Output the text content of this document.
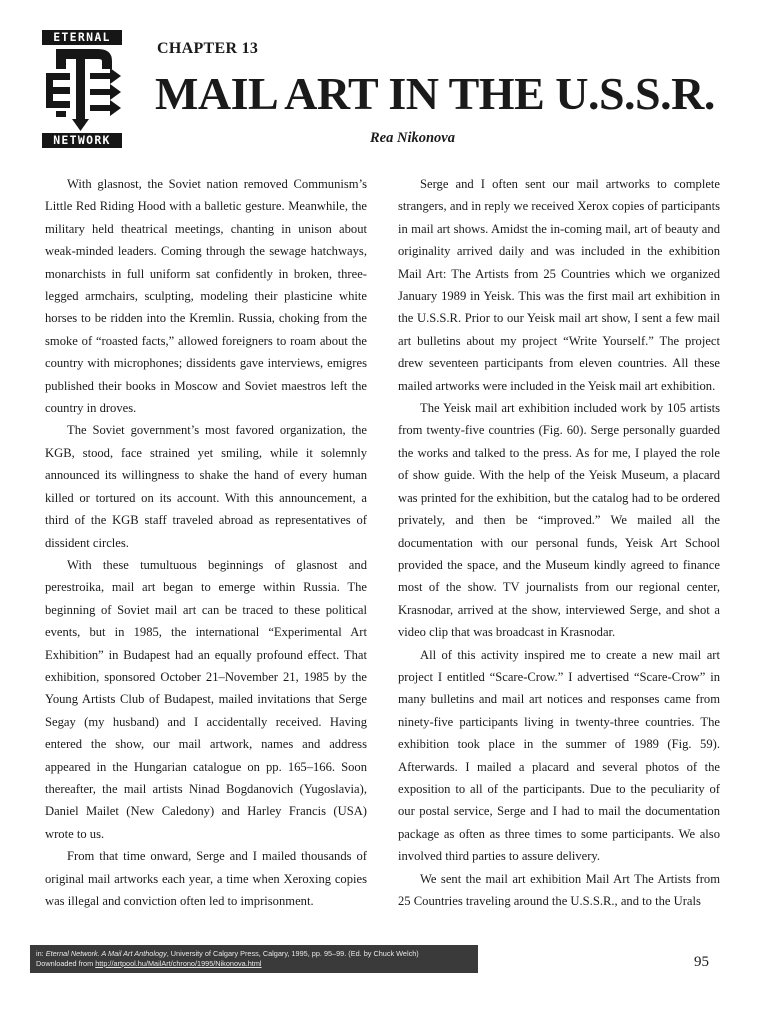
ETERNAL
NETWORK
CHAPTER 13
MAIL ART IN THE U.S.S.R.
Rea Nikonova

With glasnost, the Soviet nation removed Communism’s Little Red Riding Hood with a balletic gesture. Meanwhile, the military held theatrical meetings, chanting in unison about weak-minded leaders. Coming through the sewage hatchways, monarchists in full uniform sat confidently in broken, three-legged armchairs, sculpting, modeling their plasticine white horses to be ridden into the Kremlin. Russia, choking from the smoke of “roasted facts,” allowed foreigners to roam about the country with microphones; dissidents gave interviews, emigres published their books in Moscow and Soviet maestros left the country in droves.

The Soviet government’s most favored organization, the KGB, stood, face strained yet smiling, while it solemnly announced its willingness to shake the hand of every human killed or tortured on its account. With this announcement, a third of the KGB staff traveled abroad as representatives of dissident circles.

With these tumultuous beginnings of glasnost and perestroika, mail art began to emerge within Russia. The beginning of Soviet mail art can be traced to these political events, but in 1985, the international “Experimental Art Exhibition” in Budapest had an equally profound effect. That exhibition, sponsored October 21–November 21, 1985 by the Young Artists Club of Budapest, mailed invitations that Serge Segay (my husband) and I accidentally received. Having entered the show, our mail artwork, names and address appeared in the Hungarian catalogue on pp. 165–166. Soon thereafter, the mail artists Ninad Bogdanovich (Yugoslavia), Daniel Mailet (New Caledony) and Harley Francis (USA) wrote to us.

From that time onward, Serge and I mailed thousands of original mail artworks each year, a time when Xeroxing copies was illegal and conviction often led to imprisonment.

Serge and I often sent our mail artworks to complete strangers, and in reply we received Xerox copies of participants in mail art shows. Amidst the in-coming mail, art of beauty and originality arrived daily and was included in the exhibition Mail Art: The Artists from 25 Countries which we organized January 1989 in Yeisk. This was the first mail art exhibition in the U.S.S.R. Prior to our Yeisk mail art show, I sent a few mail art bulletins about my project “Write Yourself.” The project drew seventeen participants from eleven countries. All these mailed artworks were included in the Yeisk mail art exhibition.

The Yeisk mail art exhibition included work by 105 artists from twenty-five countries (Fig. 60). Serge personally guarded the works and talked to the press. As for me, I played the role of show guide. With the help of the Yeisk Museum, a placard was printed for the exhibition, but the catalog had to be ordered privately, and then be “improved.” We mailed all the documentation with our personal funds, Yeisk Art School provided the space, and the Museum kindly agreed to finance most of the show. TV journalists from our regional center, Krasnodar, arrived at the show, interviewed Serge, and shot a video clip that was broadcast in Krasnodar.

All of this activity inspired me to create a new mail art project I entitled “Scare-Crow.” I advertised “Scare-Crow” in many bulletins and mail art notices and responses came from ninety-five participants living in twenty-three countries. The exhibition took place in the summer of 1989 (Fig. 59). Afterwards. I mailed a placard and several photos of the exposition to all of the participants. Due to the peculiarity of our postal service, Serge and I had to mail the documentation package as often as three times to some participants. We also involved third parties to assure delivery.

We sent the mail art exhibition Mail Art The Artists from 25 Countries traveling around the U.S.S.R., and to the Urals

in: Eternal Network. A Mail Art Anthology, University of Calgary Press, Calgary, 1995, pp. 95–99. (Ed. by Chuck Welch)
Downloaded from http://artpool.hu/MailArt/chrono/1995/Nikonova.html	95
